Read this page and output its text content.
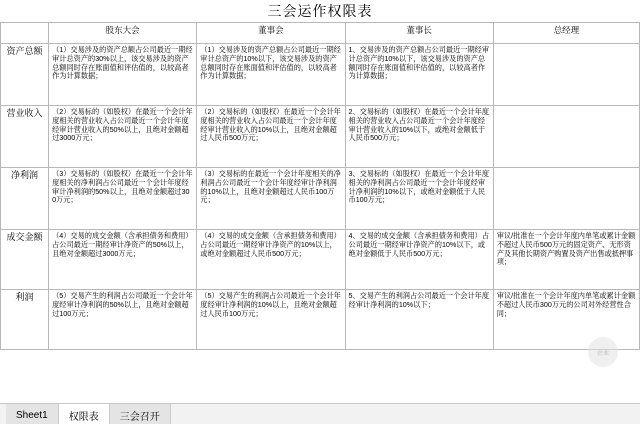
三会运作权限表
	股东大会	董事会	董事长	总经理
资产总额	（1）交易涉及的资产总额占公司最近一期经审计总资产的30%以上，该交易涉及的资产总额同时存在账面值和评估值的，以较高者作为计算数据；	（1）交易涉及的资产总额占公司最近一期经审计总资产的10%以下，该交易涉及的资产总额同时存在账面值和评估值的，以较高者作为计算数据；	1、交易涉及的资产总额占公司最近一期经审计总资产的10%以下，该交易涉及的资产总额同时存在账面值和评估值的，以较高者作为计算数据；	
营业收入	（2）交易标的（如股权）在最近一个会计年度相关的营业收入占公司最近一个会计年度经审计营业收入的50%以上，且绝对金额超过3000万元；	（2）交易标的（如股权）在最近一个会计年度相关的营业收入占公司最近一个会计年度经审计营业收入的10%以上，且绝对金额超过人民币500万元；	2、交易标的（如股权）在最近一个会计年度相关的营业收入占公司最近一个会计年度经审计营业收入的10%以下，或绝对金额低于人民币500万元；	
净利润	（3）交易标的（如股权）在最近一个会计年度相关的净利润占公司最近一个会计年度经审计净利润的50%以上，且绝对金额超过300万元；	（3）交易标的在最近一个会计年度相关的净利润占公司最近一个会计年度经审计净利润的10%以上，且绝对金额超过人民币100万元；	3、交易标的（如股权）在最近一个会计年度相关的净利润占公司最近一个会计年度经审计净利润的10%以下，或绝对金额低于人民币100万元；	
成交金额	（4）交易的成交金额（含承担债务和费用）占公司最近一期经审计净资产的50%以上，且绝对金额超过3000万元；	（4）交易的成交金额（含承担债务和费用）占公司最近一期经审计净资产的10%以上，或绝对金额超过人民币500万元；	4、交易的成交金额（含承担债务和费用）占公司最近一期经审计净资产的10%以下，或绝对金额低于人民币500万元；	审议/批准在一个会计年度内单笔或累计金额不超过人民币500万元的固定资产、无形资产及其他长期资产购置及资产出售或抵押事项；
利润	（5）交易产生的利润占公司最近一个会计年度经审计净利润的50%以上，且绝对金额超过100万元；	（5）交易产生的利润占公司最近一个会计年度经审计净利润的10%以上，且绝对金额超过人民币100万元；	5、交易产生的利润占公司最近一个会计年度经审计净利润的10%以下；	审议/批准在一个会计年度内单笔或累计金额不超过人民币300万元的公司对外经营性合同；
企业
Sheet1	权限表	三会召开
